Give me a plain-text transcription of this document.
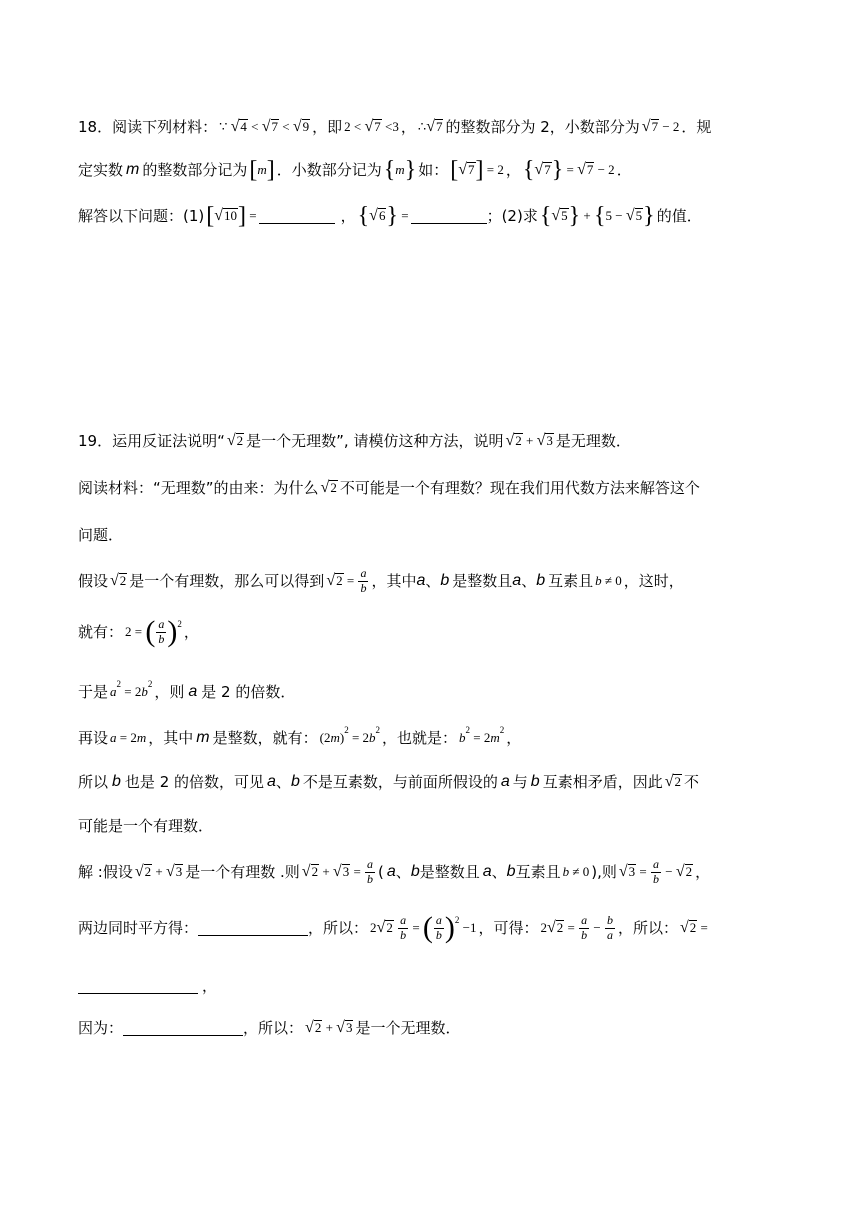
18．阅读下列材料： ∵ √ 4 < √ 7 < √ 9 ，即 2 < √ 7 <3 ， ∴ √ 7 的整数部分为 2，小数部分为 √ 7 − 2 ．规
定实数 m 的整数部分记为 [ m ] ．小数部分记为 { m } 如： [ √ 7 ] = 2 ， { √ 7 } = √ 7 − 2 ．
解答以下问题：(1) [ √ 10 ] =	， { √ 6 } =	；(2)求 { √ 5 } + { 5 − √ 5 } 的值．
19．运用反证法说明“ √ 2 是一个无理数”, 请模仿这种方法，说明 √ 2 + √ 3 是无理数．
阅读材料：“无理数”的由来：为什么 √ 2 不可能是一个有理数？现在我们用代数方法来解答这个
问题．
假设 √ 2 是一个有理数，那么可以得到 √ $2 = \frac{a}{b}$ ，其中 a 、 b 是整数且 a 、 b 互素且 b ≠ 0 ，这时，
就有： 2 = ( $\frac{a}{b}$ ) 2 ，
于是 a 2 = 2 b 2 ，则 a 是 2 的倍数．
再设 a = 2 m ，其中 m 是整数，就有： (2 m ) 2 = 2 b 2 ，也就是： b 2 = 2 m 2 ，
所以 b 也是 2 的倍数，可见 a 、 b 不是互素数，与前面所假设的 a 与 b 互素相矛盾，因此 √ 2 不
可能是一个有理数．
解 :假设 √ 2 + √ 3 是一个有理数 .则 √ 2 + √ $3 = \frac{a}{b}$ ( a 、 b 是整数且 a 、 b 互素且 b ≠ 0 ) ,则 √ $3 = \frac{a}{b}$ − √ 2 ，
两边同时平方得：	，所以： 2 √ 2
$\frac{a}{b}$ = ( $\frac{a}{b}$ ) 2 −1 ，可得： 2 √ $2 = \frac{a}{b} - \frac{b}{a}$ ，所以： √ 2 =
，
因为：	，所以： √ 2 + √ 3 是一个无理数．
